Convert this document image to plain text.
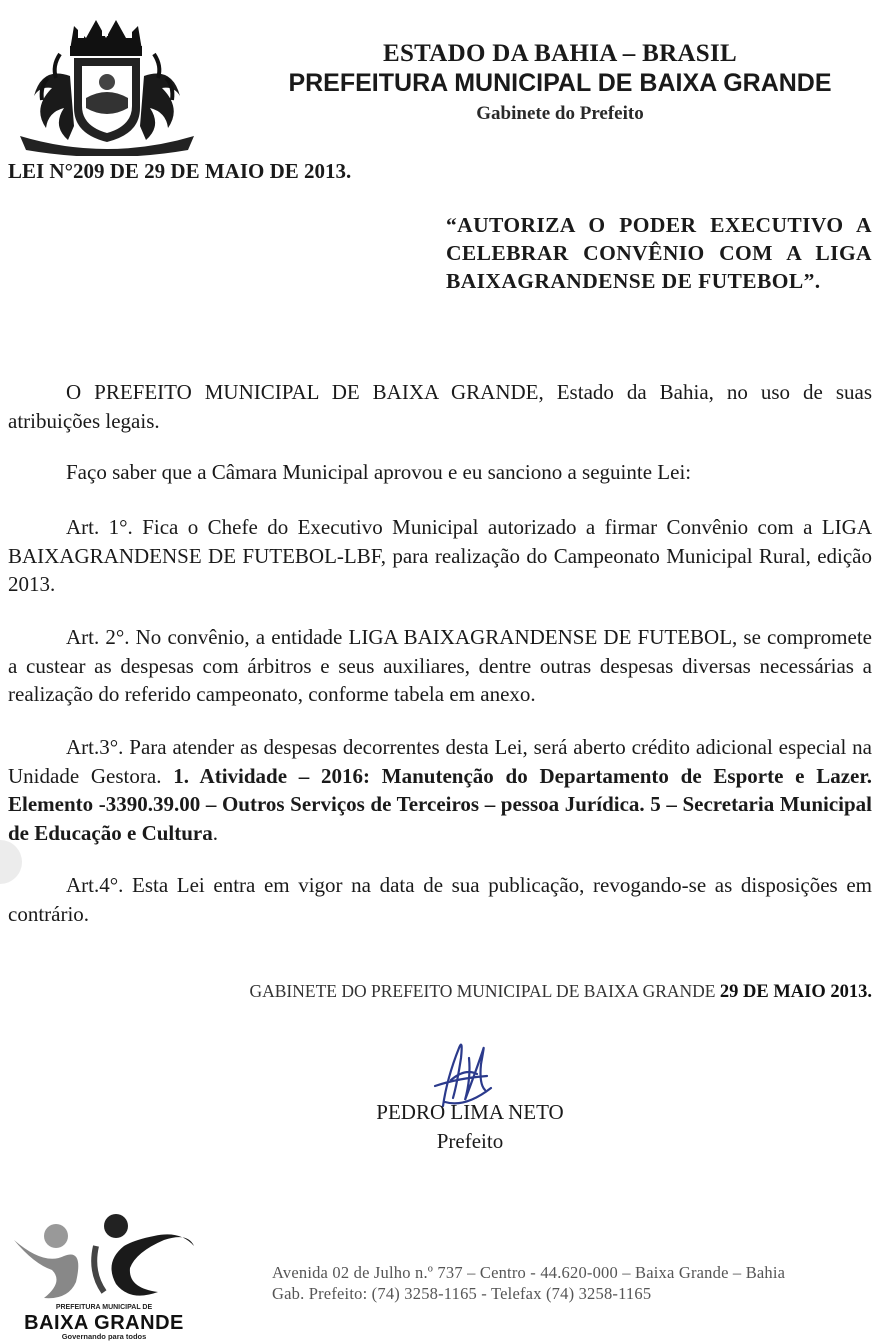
ESTADO DA BAHIA – BRASIL
PREFEITURA MUNICIPAL DE BAIXA GRANDE
Gabinete do Prefeito
LEI N°209 DE 29 DE MAIO DE 2013.
“AUTORIZA O PODER EXECUTIVO A CELEBRAR CONVÊNIO COM A LIGA BAIXAGRANDENSE DE FUTEBOL”.
O PREFEITO MUNICIPAL DE BAIXA GRANDE, Estado da Bahia, no uso de suas atribuições legais.
Faço saber que a Câmara Municipal aprovou e eu sanciono a seguinte Lei:
Art. 1°. Fica o Chefe do Executivo Municipal autorizado a firmar Convênio com a LIGA BAIXAGRANDENSE DE FUTEBOL-LBF, para realização do Campeonato Municipal Rural, edição 2013.
Art. 2°. No convênio, a entidade LIGA BAIXAGRANDENSE DE FUTEBOL, se compromete a custear as despesas com árbitros e seus auxiliares, dentre outras despesas diversas necessárias a realização do referido campeonato, conforme tabela em anexo.
Art.3°. Para atender as despesas decorrentes desta Lei, será aberto crédito adicional especial na Unidade Gestora. 1. Atividade – 2016: Manutenção do Departamento de Esporte e Lazer. Elemento -3390.39.00 – Outros Serviços de Terceiros – pessoa Jurídica. 5 – Secretaria Municipal de Educação e Cultura.
Art.4°. Esta Lei entra em vigor na data de sua publicação, revogando-se as disposições em contrário.
GABINETE DO PREFEITO MUNICIPAL DE BAIXA GRANDE 29 DE MAIO 2013.
PEDRO LIMA NETO
Prefeito
PREFEITURA MUNICIPAL DE
BAIXA GRANDE
Governando para todos
Avenida 02 de Julho n.º 737 – Centro - 44.620-000 – Baixa Grande – Bahia
Gab. Prefeito: (74) 3258-1165 - Telefax (74) 3258-1165
